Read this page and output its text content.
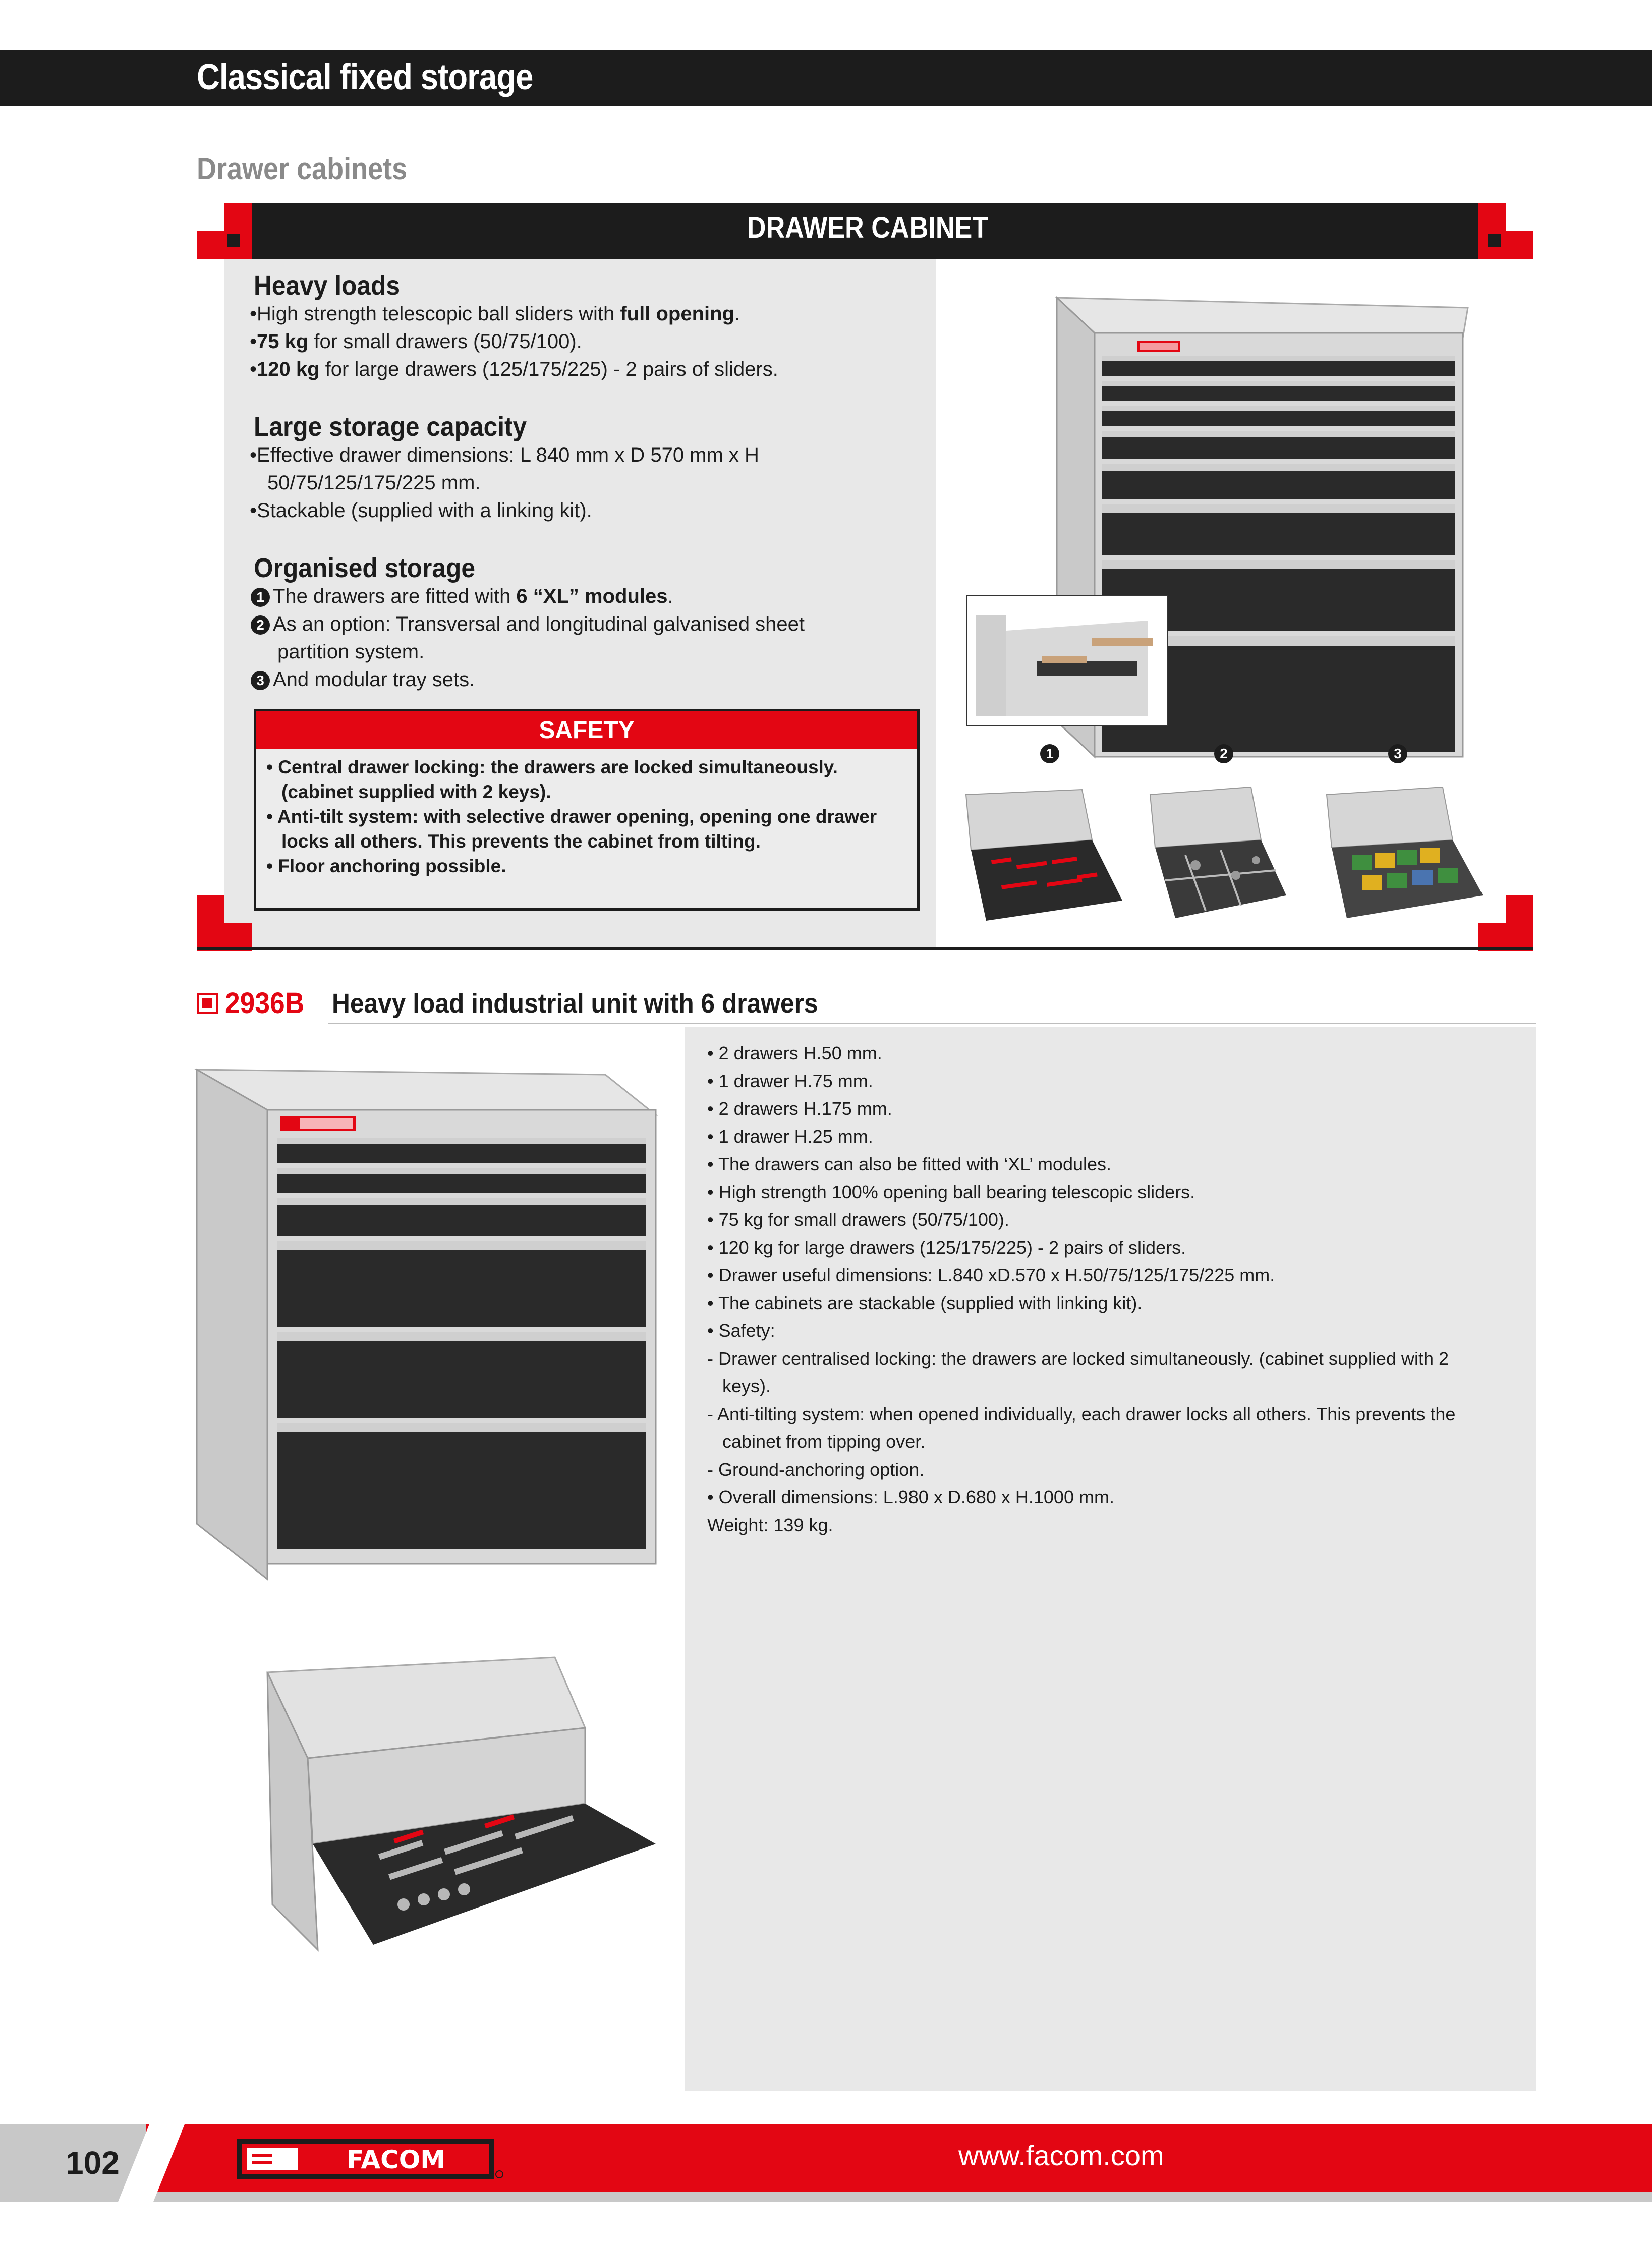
Classical fixed storage
Drawer cabinets
DRAWER CABINET
Heavy loads
•High strength telescopic ball sliders with full opening.
•75 kg for small drawers (50/75/100).
•120 kg for large drawers (125/175/225) - 2 pairs of sliders.
Large storage capacity
•Effective drawer dimensions: L 840 mm x D 570 mm x H
50/75/125/175/225 mm.
•Stackable (supplied with a linking kit).
Organised storage
1 The drawers are fitted with 6 “XL” modules.
2 As an option: Transversal and longitudinal galvanised sheet
partition system.
3 And modular tray sets.
SAFETY
• Central drawer locking: the drawers are locked simultaneously.
(cabinet supplied with 2 keys).
• Anti-tilt system: with selective drawer opening, opening one drawer
locks all others. This prevents the cabinet from tilting.
• Floor anchoring possible.
1	2	3
2936B Heavy load industrial unit with 6 drawers
• 2 drawers H.50 mm.
• 1 drawer H.75 mm.
• 2 drawers H.175 mm.
• 1 drawer H.25 mm.
• The drawers can also be fitted with ‘XL’ modules.
• High strength 100% opening ball bearing telescopic sliders.
• 75 kg for small drawers (50/75/100).
• 120 kg for large drawers (125/175/225) - 2 pairs of sliders.
• Drawer useful dimensions: L.840 xD.570 x H.50/75/125/175/225 mm.
• The cabinets are stackable (supplied with linking kit).
• Safety:
- Drawer centralised locking: the drawers are locked simultaneously. (cabinet supplied with 2
keys).
- Anti-tilting system: when opened individually, each drawer locks all others. This prevents the
cabinet from tipping over.
- Ground-anchoring option.
• Overall dimensions: L.980 x D.680 x H.1000 mm.
Weight: 139 kg.
102	FACOM	www.facom.com
